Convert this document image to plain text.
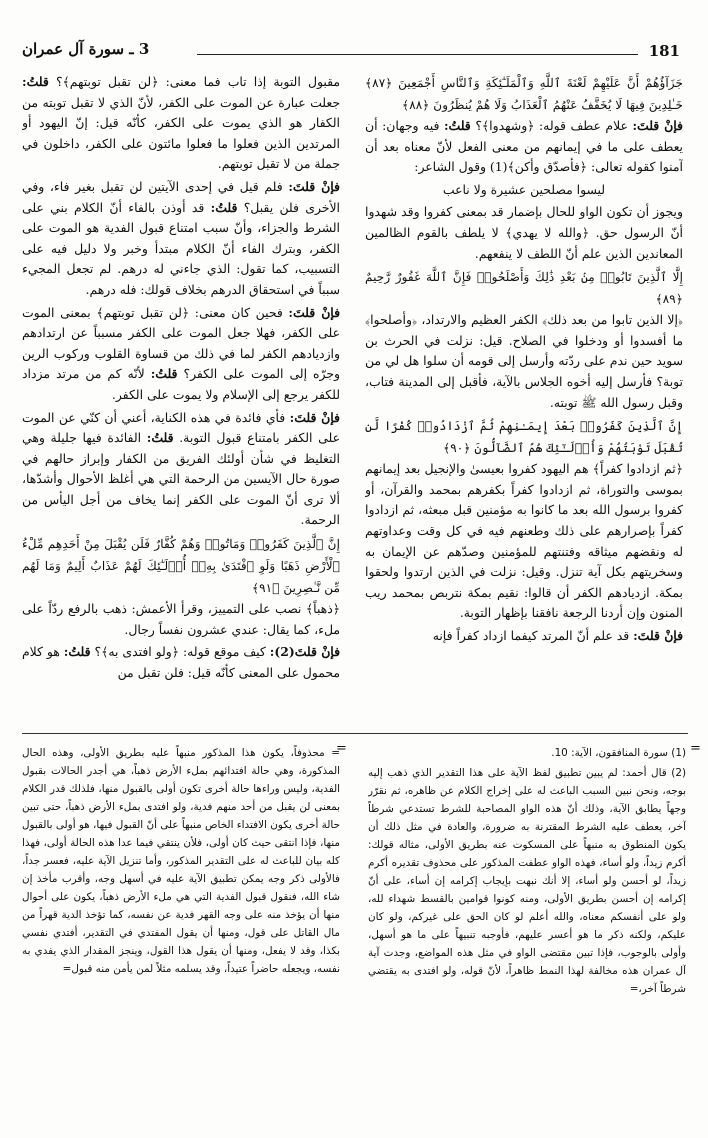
3 ـ سورة آل عمران	181

جَزَآؤُهُمْ أَنَّ عَلَيْهِمْ لَعْنَةَ ٱللَّهِ وَٱلْمَلَـٰٓئِكَةِ وَٱلنَّاسِ أَجْمَعِينَ ﴿٨٧﴾ خَـٰلِدِينَ فِيهَا لَا يُخَفَّفُ عَنْهُمُ ٱلْعَذَابُ وَلَا هُمْ يُنظَرُونَ ﴿٨٨﴾

فإنْ قلتَ: علام عطف قوله: ﴿وشهدوا﴾؟ قلتُ: فيه وجهان: أن يعطف على ما في إيمانهم من معنى الفعل لأنّ معناه بعد أن آمنوا كقوله تعالى: ﴿فأصدّق وأكن﴾(1) وقول الشاعر:

ليسوا مصلحين عشيرة ولا ناعب

ويجوز أن تكون الواو للحال بإضمار قد بمعنى كفروا وقد شهدوا أنّ الرسول حق. ﴿والله لا يهدي﴾ لا يلطف بالقوم الظالمين المعاندين الذين علم أنّ اللطف لا ينفعهم.

إِلَّا ٱلَّذِينَ تَابُوا۟ مِنۢ بَعْدِ ذَٰلِكَ وَأَصْلَحُوا۟ فَإِنَّ ٱللَّهَ غَفُورٌ رَّحِيمٌ ﴿٨٩﴾

﴿إلا الذين تابوا من بعد ذلك﴾ الكفر العظيم والارتداد، ﴿وأصلحوا﴾ ما أفسدوا أو ودخلوا في الصلاح. قيل: نزلت في الحرث بن سويد حين ندم على ردّته وأرسل إلى قومه أن سلوا هل لي من توبة؟ فأرسل إليه أخوه الجلاس بالآية، فأقبل إلى المدينة فتاب، وقبل رسول الله ﷺ توبته.

إِنَّ ٱلَّذِينَ كَفَرُوا۟ بَعْدَ إِيمَـٰنِهِمْ ثُمَّ ٱزْدَادُوا۟ كُفْرًا لَّن تُقْبَلَ تَوْبَتُهُمْ وَأُو۟لَـٰٓئِكَ هُمُ ٱلضَّآلُّونَ ﴿٩٠﴾

﴿ثم ازدادوا كفراً﴾ هم اليهود كفروا بعيسىٰ والإنجيل بعد إيمانهم بموسى والتوراة، ثم ازدادوا كفراً بكفرهم بمحمد والقرآن، أو كفروا برسول الله بعد ما كانوا به مؤمنين قبل مبعثه، ثم ازدادوا كفراً بإصرارهم على ذلك وطعنهم فيه في كل وقت وعداوتهم له ونقضهم ميثاقه وفتنتهم للمؤمنين وصدّهم عن الإيمان به وسخريتهم بكل آية تنزل. وقيل: نزلت في الذين ارتدوا ولحقوا بمكة. ازديادهم الكفر أن قالوا: نقيم بمكة نتربص بمحمد ريب المنون وإن أردنا الرجعة نافقنا بإظهار التوبة.

فإنْ قلتَ: قد علم أنّ المرتد كيفما ازداد كفراً فإنه

مقبول التوبة إذا تاب فما معنى: ﴿لن تقبل توبتهم﴾؟ قلتُ: جعلت عبارة عن الموت على الكفر، لأنّ الذي لا تقبل توبته من الكفار هو الذي يموت على الكفر، كأنّه قيل: إنّ اليهود أو المرتدين الذين فعلوا ما فعلوا مائتون على الكفر، داخلون في جملة من لا تقبل توبتهم.

فإنْ قلتَ: فلم قيل في إحدى الآيتين لن تقبل بغير فاء، وفي الأخرى فلن يقبل؟ قلتُ: قد أوذن بالفاء أنّ الكلام بني على الشرط والجزاء، وأنّ سبب امتناع قبول الفدية هو الموت على الكفر، وبترك الفاء أنّ الكلام مبتدأ وخبر ولا دليل فيه على التسبيب، كما تقول: الذي جاءني له درهم. لم تجعل المجيء سبباً في استحقاق الدرهم بخلاف قولك: فله درهم.

فإنْ قلتَ: فحين كان معنى: ﴿لن تقبل توبتهم﴾ بمعنى الموت على الكفر، فهلا جعل الموت على الكفر مسبباً عن ارتدادهم وازديادهم الكفر لما في ذلك من قساوة القلوب وركوب الرين وجرّه إلى الموت على الكفر؟ قلتُ: لأنّه كم من مرتد مزداد للكفر يرجع إلى الإسلام ولا يموت على الكفر.

فإنْ قلتَ: فأي فائدة في هذه الكناية، أعني أن كنّي عن الموت على الكفر بامتناع قبول التوبة. قلتُ: الفائدة فيها جليلة وهي التغليظ في شأن أولئك الفريق من الكفار وإبراز حالهم في صورة حال الآيسين من الرحمة التي هي أغلظ الأحوال وأشدّها، ألا ترى أنّ الموت على الكفر إنما يخاف من أجل اليأس من الرحمة.

إِنَّ ٱلَّذِينَ كَفَرُوا۟ وَمَاتُوا۟ وَهُمْ كُفَّارٌ فَلَن يُقْبَلَ مِنْ أَحَدِهِم مِّلْءُ ٱلْأَرْضِ ذَهَبًا وَلَوِ ٱفْتَدَىٰ بِهِۦٓ أُو۟لَـٰٓئِكَ لَهُمْ عَذَابٌ أَلِيمٌ وَمَا لَهُم مِّن نَّـٰصِرِينَ ﴿٩١﴾

﴿ذهباً﴾ نصب على التمييز، وقرأ الأعمش: ذهب بالرفع ردّاً على ملء، كما يقال: عندي عشرون نفساً رجال.

فإنْ قلتَ(2): كيف موقع قوله: ﴿ولو افتدى به﴾؟ قلتُ: هو كلام محمول على المعنى كأنّه قيل: فلن تقبل من

(1) سورة المنافقون، الآية: 10.

(2) قال أحمد: لم يبين تطبيق لفظ الآية على هذا التقدير الذي ذهب إليه بوجه، ونحن نبين السبب الباعث له على إخراج الكلام عن ظاهره، ثم نقرّر وجهاً يطابق الآية، وذلك أنّ هذه الواو المصاحبة للشرط تستدعي شرطاً آخر، يعطف عليه الشرط المقترنة به ضرورة، والعادة في مثل ذلك أن يكون المنطوق به منبهاً على المسكوت عنه بطريق الأولى، مثاله قولك: أكرم زيداً، ولو أساء، فهذه الواو عطفت المذكور على محذوف تقديره أكرم زيداً، لو أحسن ولو أساء، إلا أنك نبهت بإيجاب إكرامه إن أساء، على أنّ إكرامه إن أحسن بطريق الأولى، ومنه كونوا قوامين بالقسط شهداء لله، ولو على أنفسكم معناه، والله أعلم لو كان الحق على غيركم، ولو كان عليكم، ولكنه ذكر ما هو أعسر عليهم، فأوجبه تنبيهاً على ما هو أسهل، وأولى بالوجوب، فإذا تبين مقتضى الواو في مثل هذه المواضع، وجدت آية آل عمران هذه مخالفة لهذا النمط ظاهراً، لأنّ قوله، ولو افتدى به يقتضي شرطاً آخر،=

= محذوفاً، يكون هذا المذكور منبهاً عليه بطريق الأولى، وهذه الحال المذكورة، وهي حالة افتدائهم بملء الأرض ذهباً، هي أجدر الحالات بقبول الفدية، وليس وراءها حالة أخرى تكون أولى بالقبول منها، فلذلك قدر الكلام بمعنى لن يقبل من أحد منهم فدية، ولو افتدى بملء الأرض ذهباً، حتى تبين حالة أخرى يكون الافتداء الخاص منبهاً على أنّ القبول فيها، هو أولى بالقبول منها، فإذا انتقى حيث كان أولى، فلأن ينتقي فيما عدا هذه الحالة أولى، فهذا كله بيان للباعث له على التقدير المذكور، وأما تنزيل الآية عليه، فعسر جداً، فالأولى ذكر وجه يمكن تطبيق الآية عليه في أسهل وجه، وأقرب مأخذ إن شاء الله، فنقول قبول الفدية التي هي ملء الأرض ذهباً، يكون على أحوال منها أن يؤخذ منه على وجه القهر فدية عن نفسه، كما تؤخذ الدية قهراً من مال القاتل على قول، ومنها أن يقول المفتدي في التقدير، أفتدي نفسي بكذا، وقد لا يفعل، ومنها أن يقول هذا القول، وينجز المقدار الذي يفدي به نفسه، ويجعله حاضراً عتيداً، وقد يسلمه مثلاً لمن يأمن منه قبول=

=	=
